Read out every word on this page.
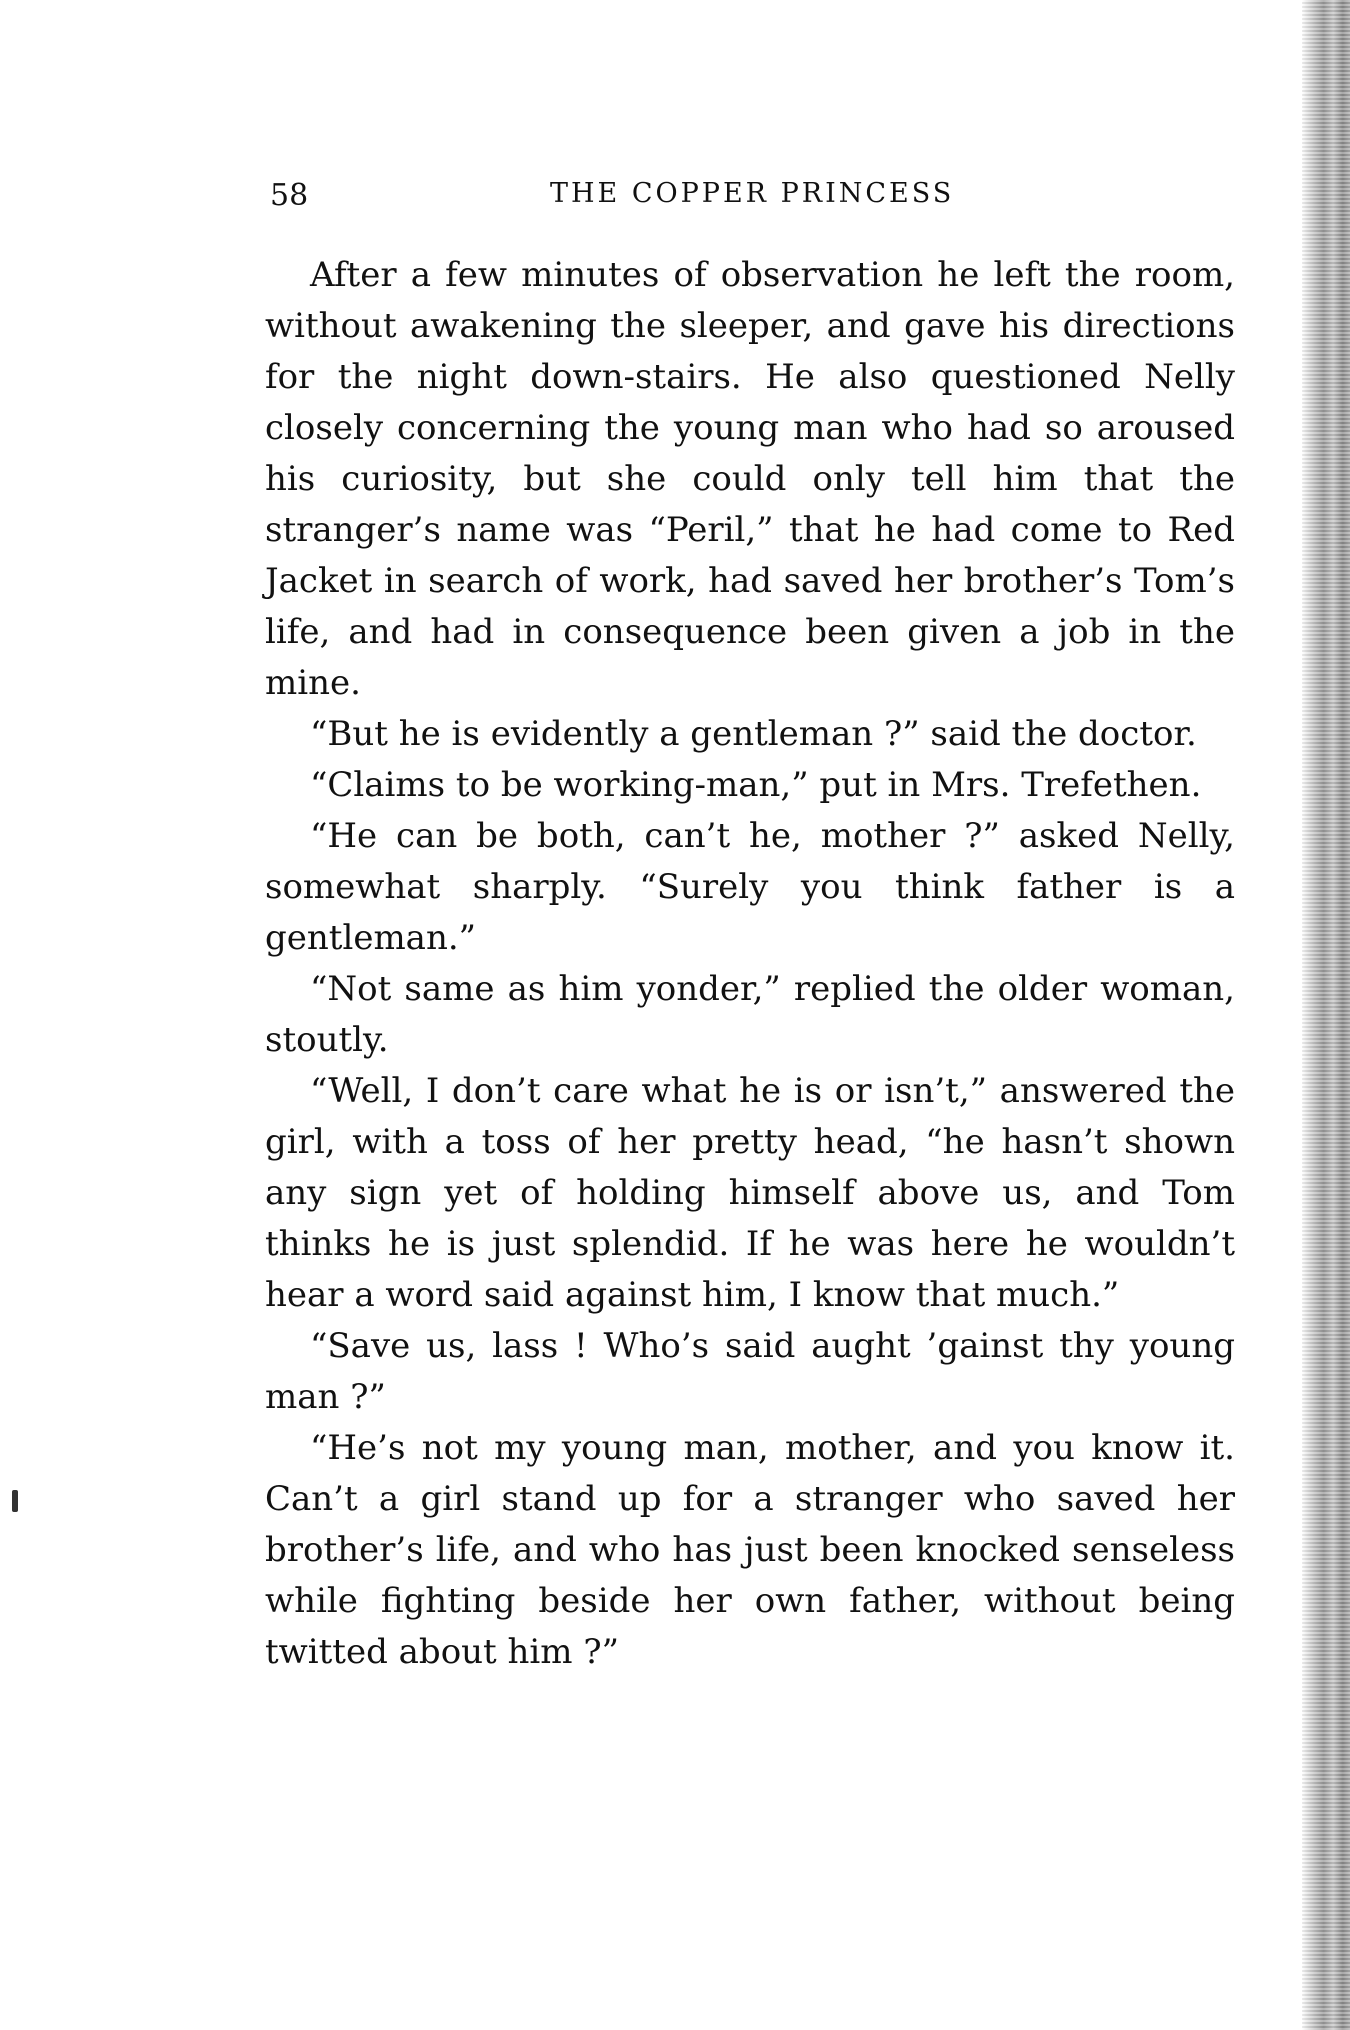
58	THE COPPER PRINCESS

After a few minutes of observation he left the room, without awakening the sleeper, and gave his directions for the night down-stairs. He also questioned Nelly closely concerning the young man who had so aroused his curiosity, but she could only tell him that the stranger’s name was “Peril,” that he had come to Red Jacket in search of work, had saved her brother’s Tom’s life, and had in consequence been given a job in the mine.

“But he is evidently a gentleman ?” said the doctor.

“Claims to be working-man,” put in Mrs. Trefethen.

“He can be both, can’t he, mother ?” asked Nelly, somewhat sharply. “Surely you think father is a gentleman.”

“Not same as him yonder,” replied the older woman, stoutly.

“Well, I don’t care what he is or isn’t,” answered the girl, with a toss of her pretty head, “he hasn’t shown any sign yet of holding himself above us, and Tom thinks he is just splendid. If he was here he wouldn’t hear a word said against him, I know that much.”

“Save us, lass ! Who’s said aught ’gainst thy young man ?”

“He’s not my young man, mother, and you know it. Can’t a girl stand up for a stranger who saved her brother’s life, and who has just been knocked senseless while fighting beside her own father, without being twitted about him ?”
